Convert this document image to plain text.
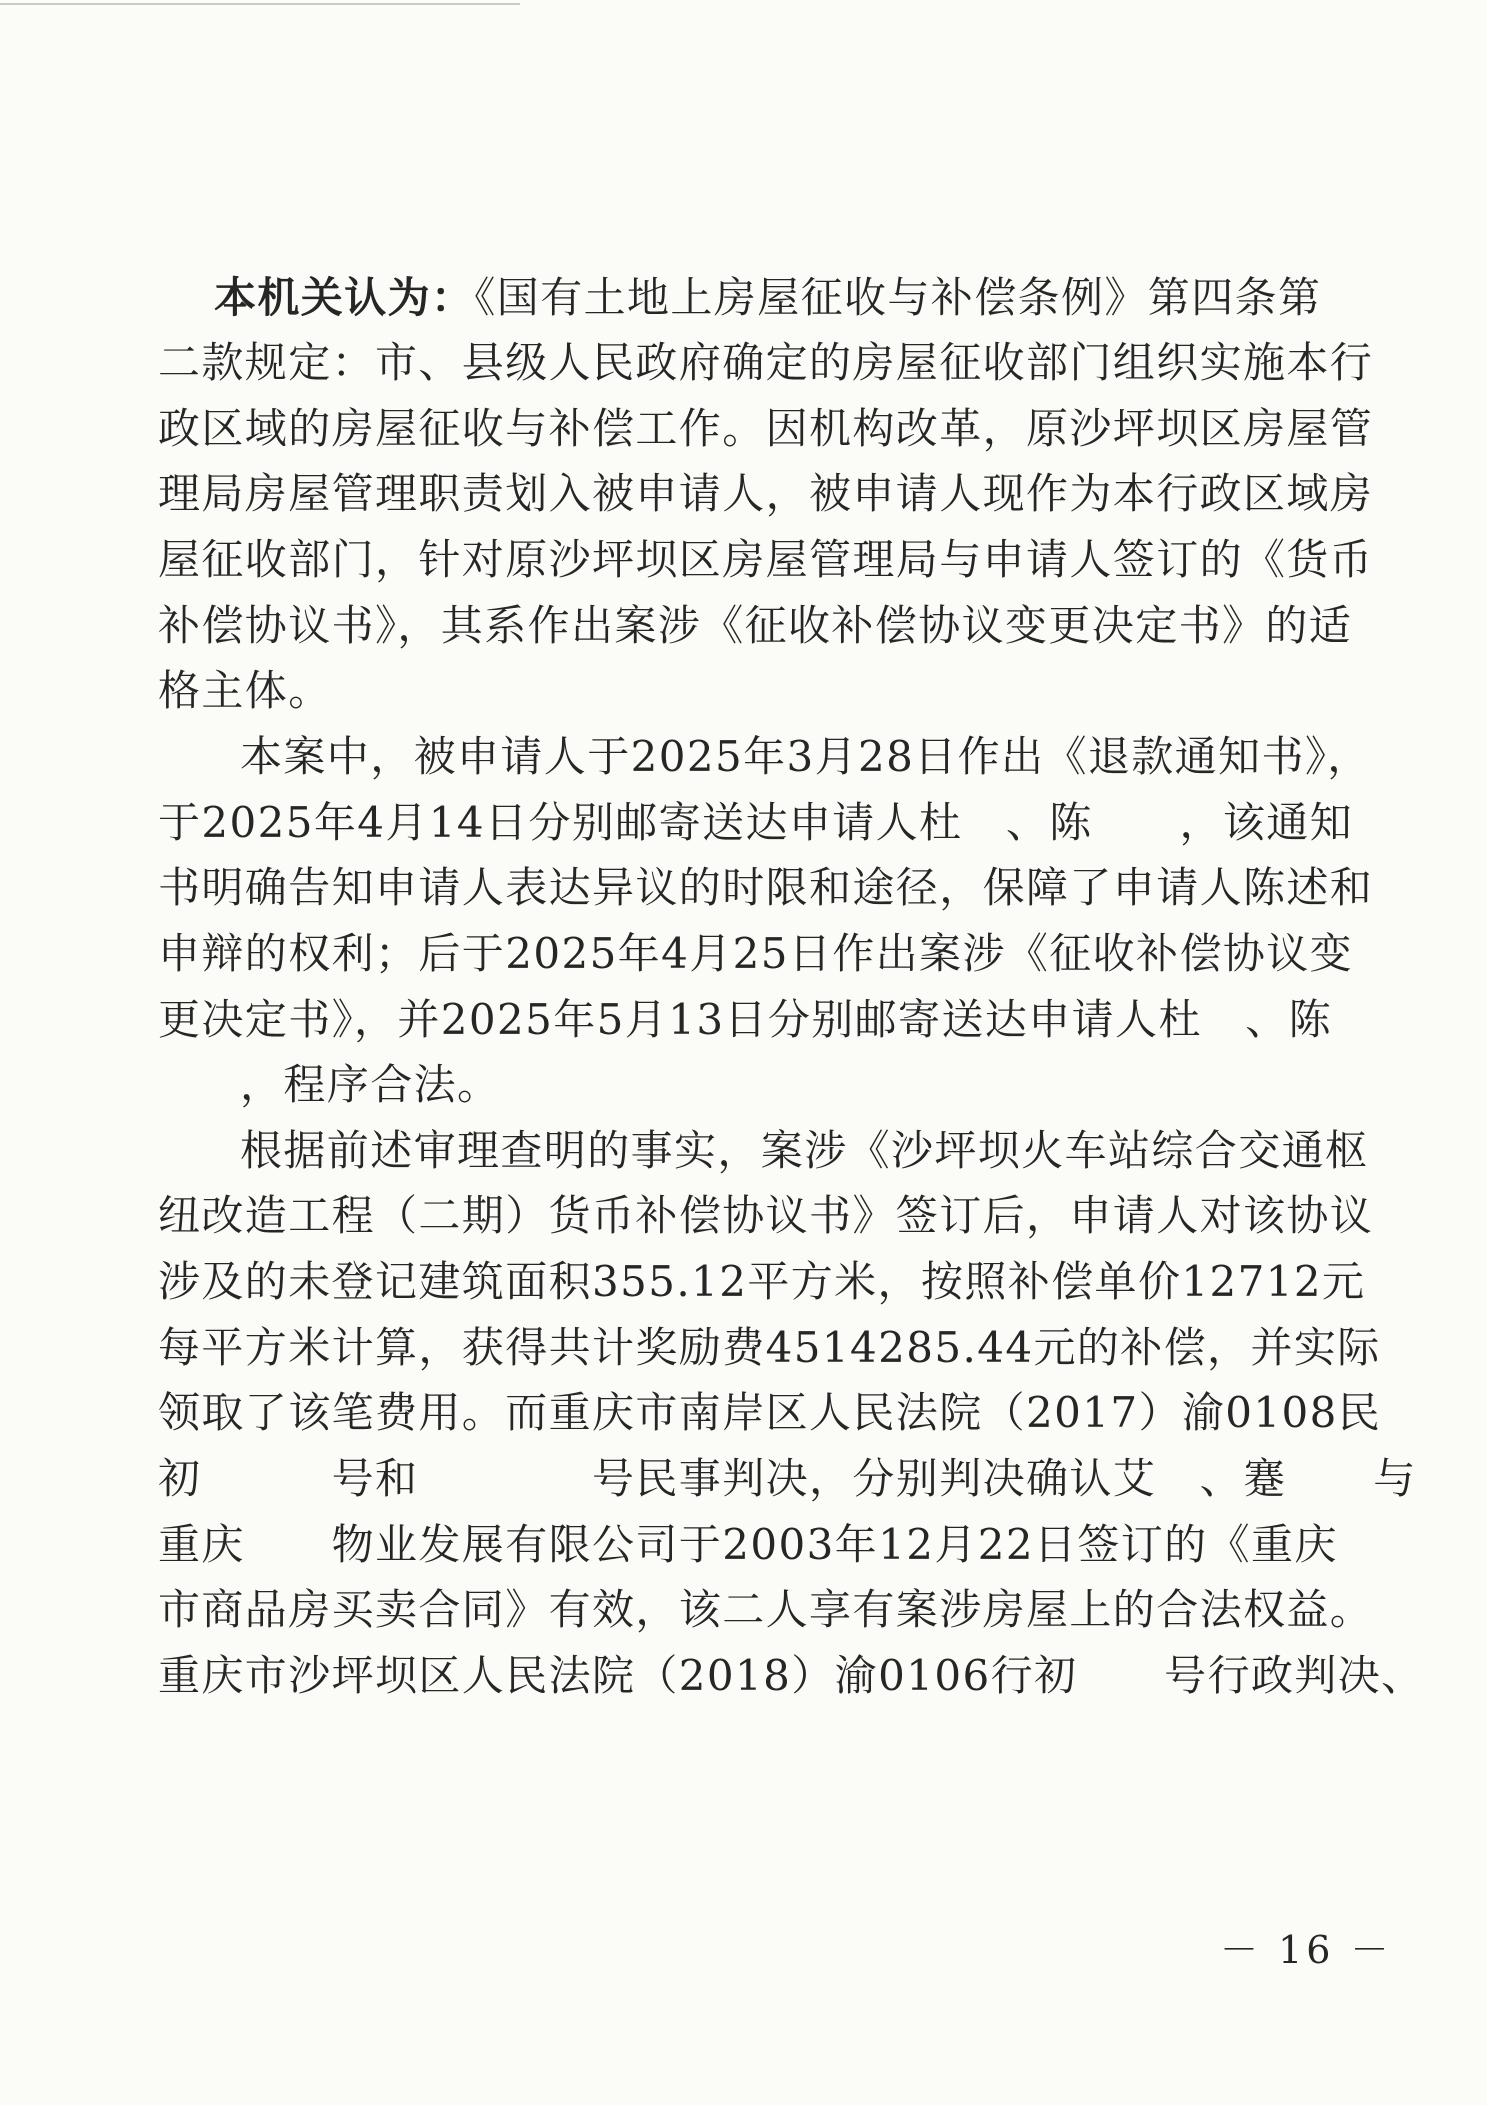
本机关认为：《国有土地上房屋征收与补偿条例》第四条第
二款规定：市、县级人民政府确定的房屋征收部门组织实施本行
政区域的房屋征收与补偿工作。因机构改革，原沙坪坝区房屋管
理局房屋管理职责划入被申请人，被申请人现作为本行政区域房
屋征收部门，针对原沙坪坝区房屋管理局与申请人签订的《货币
补偿协议书》，其系作出案涉《征收补偿协议变更决定书》的适
格主体。
本案中，被申请人于2025年3月28日作出《退款通知书》，
于2025年4月14日分别邮寄送达申请人杜　、陈　　，该通知
书明确告知申请人表达异议的时限和途径，保障了申请人陈述和
申辩的权利；后于2025年4月25日作出案涉《征收补偿协议变
更决定书》，并2025年5月13日分别邮寄送达申请人杜　、陈
，程序合法。
根据前述审理查明的事实，案涉《沙坪坝火车站综合交通枢
纽改造工程（二期）货币补偿协议书》签订后，申请人对该协议
涉及的未登记建筑面积355.12平方米，按照补偿单价12712元
每平方米计算，获得共计奖励费4514285.44元的补偿，并实际
领取了该笔费用。而重庆市南岸区人民法院（2017）渝0108民
初　　　号和　　　　号民事判决，分别判决确认艾　、蹇　　与
重庆　　物业发展有限公司于2003年12月22日签订的《重庆
市商品房买卖合同》有效，该二人享有案涉房屋上的合法权益。
重庆市沙坪坝区人民法院（2018）渝0106行初　　号行政判决、
－ 16 －
